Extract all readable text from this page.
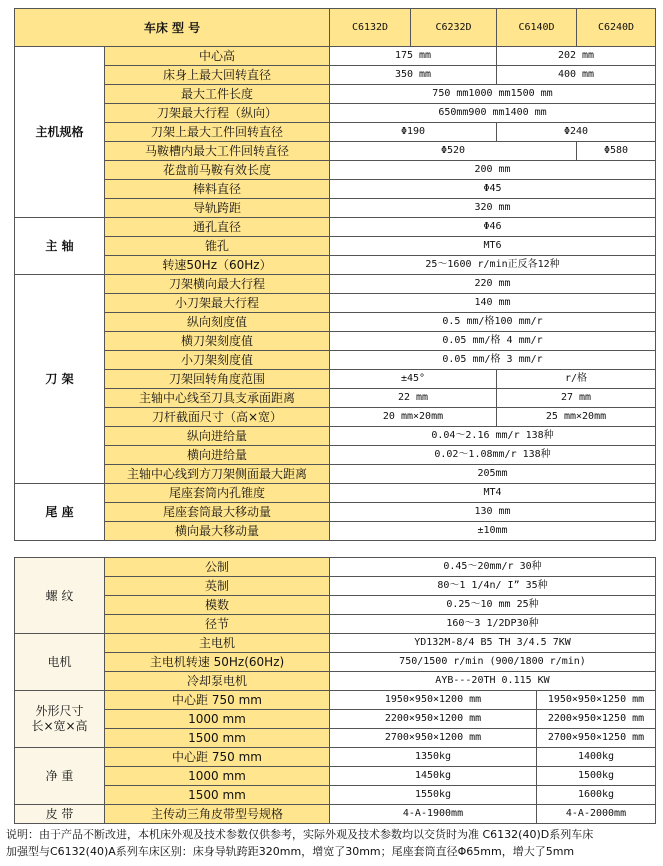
车床 型 号		C6132D	C6232D	C6140D	C6240D
主机规格	中心高	175 mm		202 mm	
	床身上最大回转直径	350 mm		400 mm	
	最大工件长度	750 mm1000 mm1500 mm			
	刀架最大行程（纵向）	650mm900 mm1400 mm			
	刀架上最大工件回转直径	Φ190		Φ240	
	马鞍槽内最大工件回转直径	Φ520			Φ580
	花盘前马鞍有效长度	200 mm			
	棒料直径	Φ45			
	导轨跨距	320 mm			
主 轴	通孔直径	Φ46			
	锥孔	MT6			
	转速50Hz（60Hz）	25～1600 r/min正反各12种			
刀 架	刀架横向最大行程	220 mm			
	小刀架最大行程	140 mm			
	纵向刻度值	0.5 mm/格100 mm/r			
	横刀架刻度值	0.05 mm/格 4 mm/r			
	小刀架刻度值	0.05 mm/格 3 mm/r			
	刀架回转角度范围	±45°		r/格	
	主轴中心线至刀具支承面距离	22 mm		27 mm	
	刀杆截面尺寸（高×宽）	20 mm×20mm		25 mm×20mm	
	纵向进给量	0.04～2.16 mm/r 138种			
	横向进给量	0.02～1.08mm/r 138种			
	主轴中心线到方刀架侧面最大距离	205mm			
尾 座	尾座套筒内孔锥度	MT4			
	尾座套筒最大移动量	130 mm			
	横向最大移动量	±10mm			
螺 纹	公制	0.45～20mm/r 30种	
	英制	80～1 1/4n/ I” 35种	
	模数	0.25～10 mm 25种	
	径节	160～3 1/2DP30种	
电机	主电机	YD132M-8/4 B5 TH 3/4.5 7KW	
	主电机转速 50Hz(60Hz)	750/1500 r/min (900/1800 r/min)	
	冷却泵电机	AYB---20TH 0.115 KW	
外形尺寸
长×宽×高	中心距 750 mm	1950×950×1200 mm	1950×950×1250 mm
	1000 mm	2200×950×1200 mm	2200×950×1250 mm
	1500 mm	2700×950×1200 mm	2700×950×1250 mm
净 重	中心距 750 mm	1350kg	1400kg
	1000 mm	1450kg	1500kg
	1500 mm	1550kg	1600kg
皮 带	主传动三角皮带型号规格	4-A-1900mm	4-A-2000mm
说明：由于产品不断改进，本机床外观及技术参数仅供参考，实际外观及技术参数均以交货时为准 C6132(40)D系列车床
加强型与C6132(40)A系列车床区别：床身导轨跨距320mm，增宽了30mm；尾座套筒直径Φ65mm，增大了5mm
